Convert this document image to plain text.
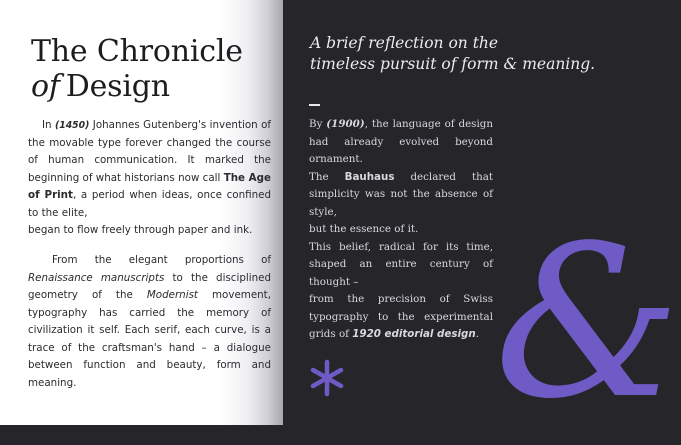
The Chronicle
of Design
In (1450) Johannes Gutenberg's invention of the movable type forever changed the course of human communication. It marked the beginning of what historians now call The Age of Print, a period when ideas, once confined to the elite,
began to flow freely through paper and ink.
From the elegant proportions of Renaissance manuscripts to the disciplined geometry of the Modernist movement, typography has carried the memory of civilization it self. Each serif, each curve, is a trace of the craftsman's hand – a dialogue between function and beauty, form and meaning.
A brief reflection on the
timeless pursuit of form & meaning.
By (1900), the language of design had already evolved beyond ornament.
The Bauhaus declared that simplicity was not the absence of style,
but the essence of it.
This belief, radical for its time, shaped an entire century of thought –
from the precision of Swiss typography to the experimental grids of 1920 editorial design. &
